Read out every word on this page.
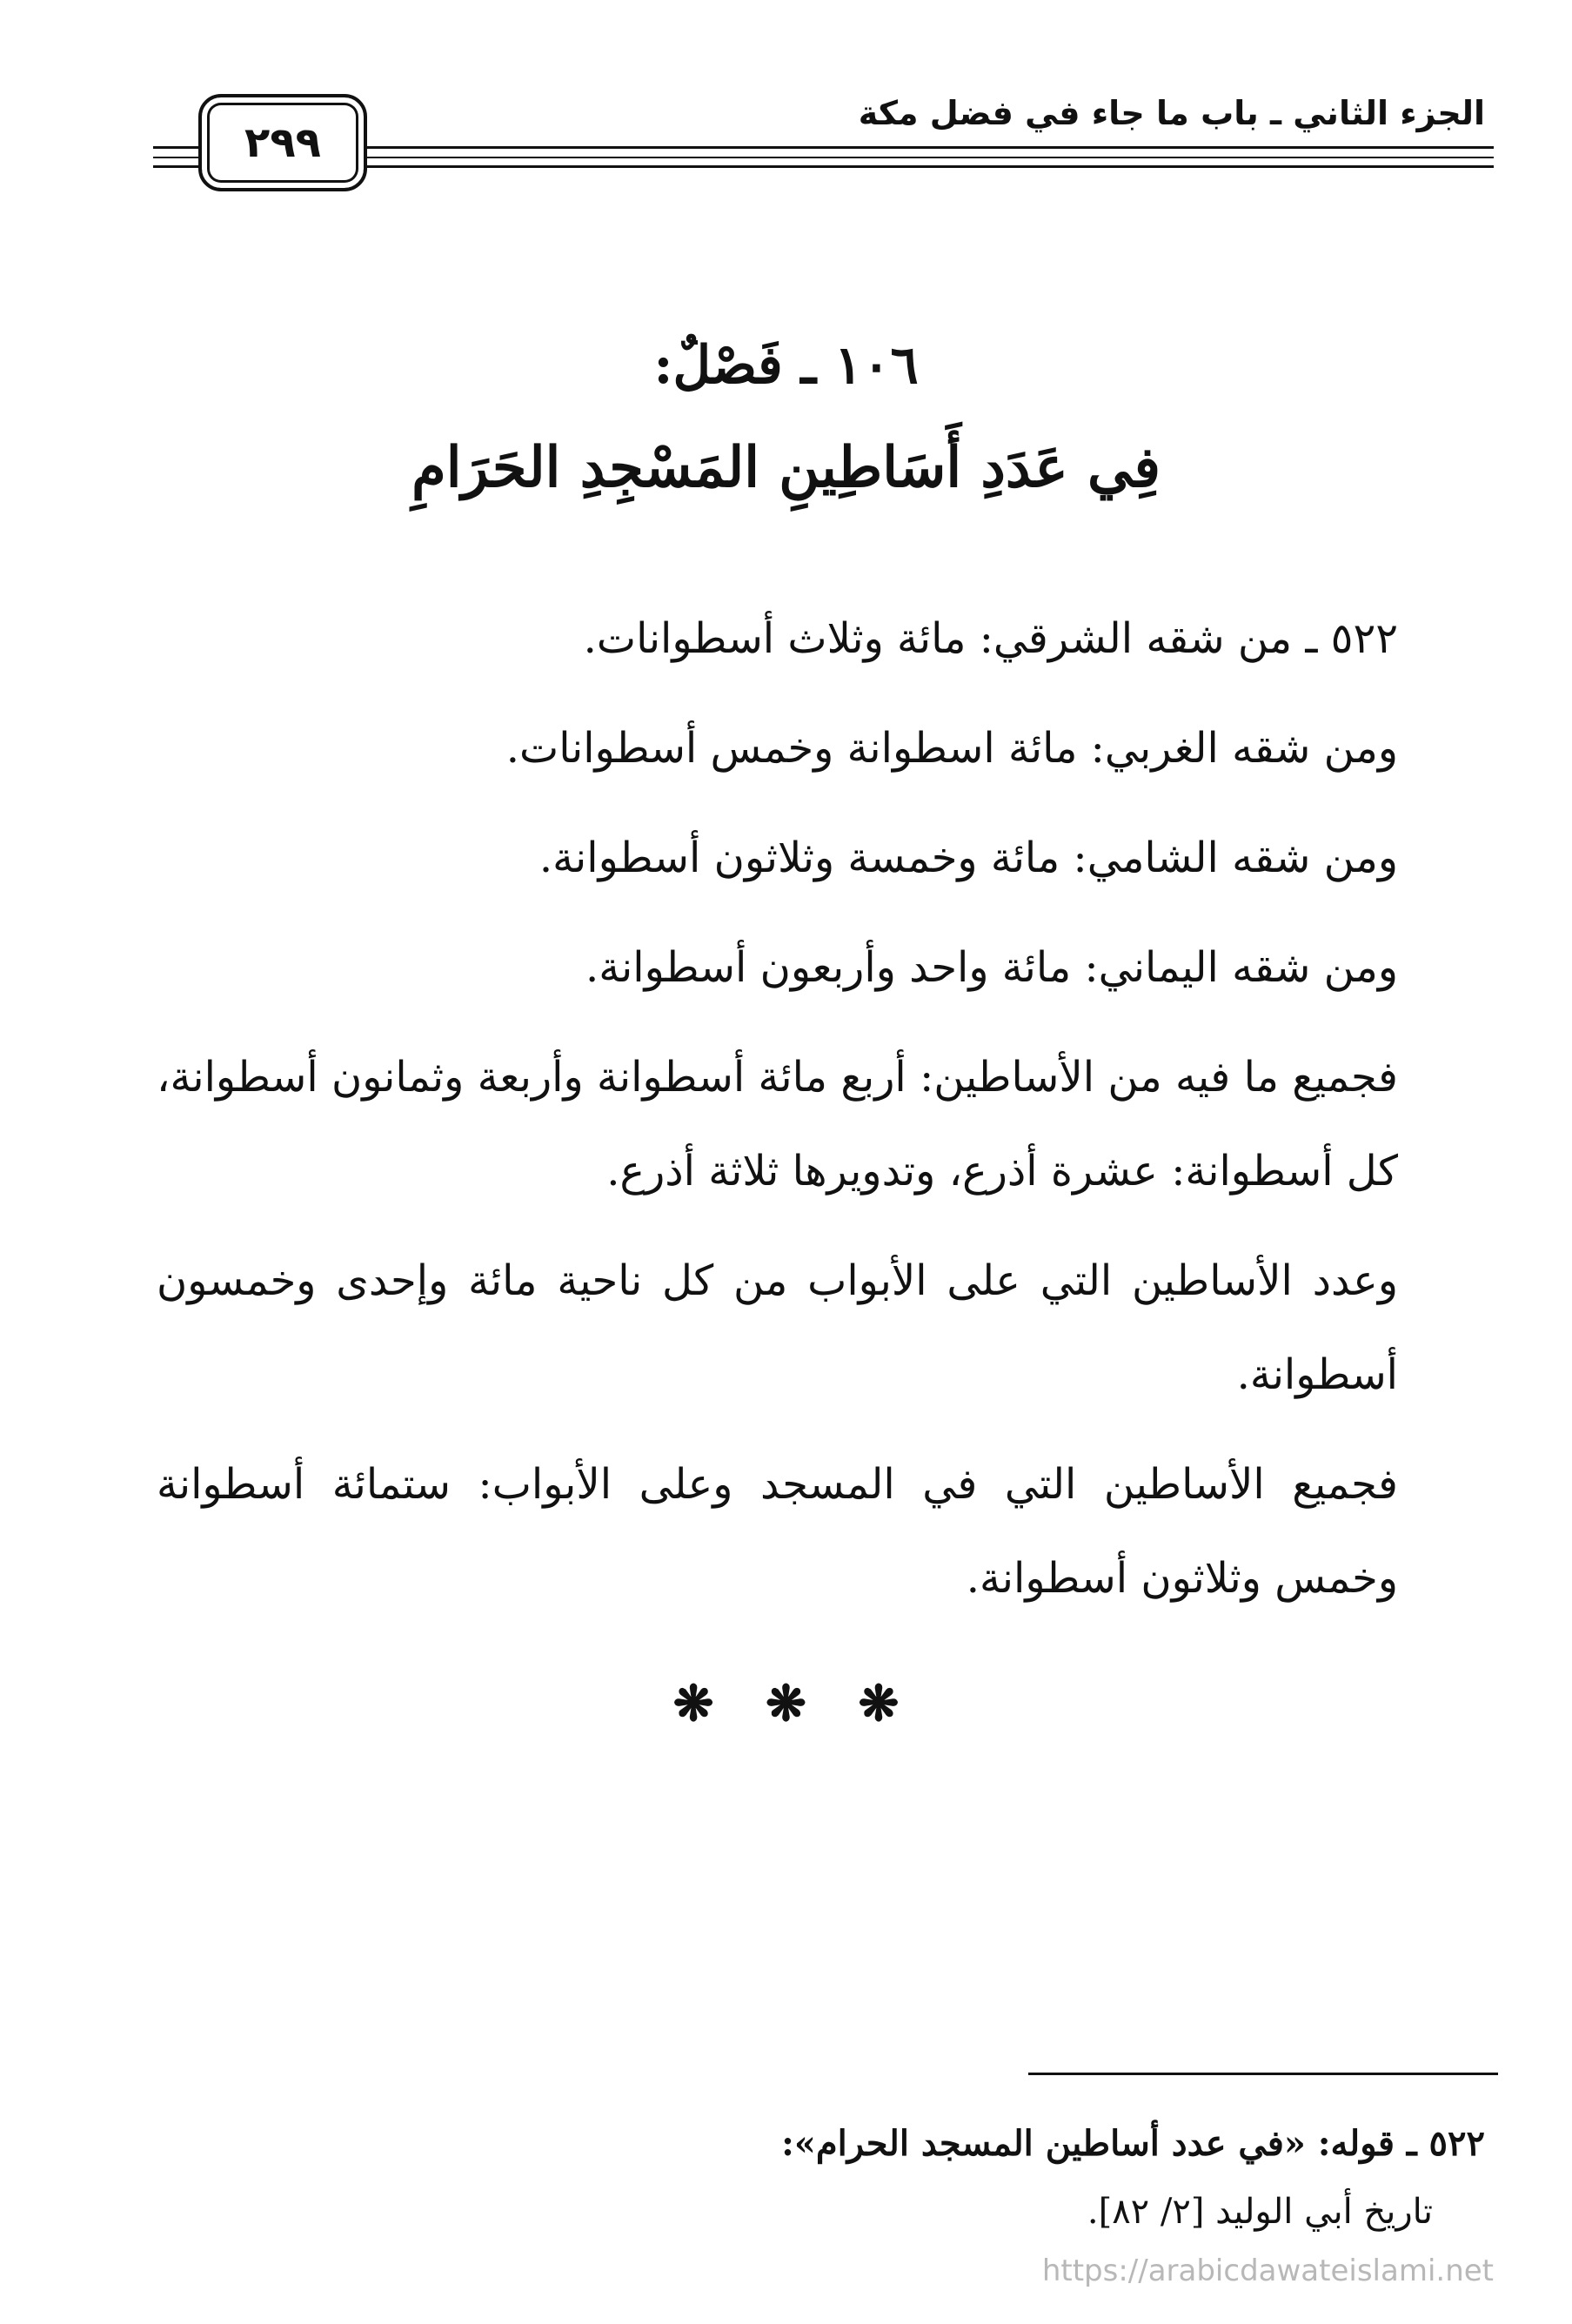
الجزء الثاني ـ باب ما جاء في فضل مكة
٢٩٩
١٠٦ ـ فَصْلٌ:
فِي عَدَدِ أَسَاطِينِ المَسْجِدِ الحَرَامِ

٥٢٢ ـ من شقه الشرقي: مائة وثلاث أسطوانات.

ومن شقه الغربي: مائة اسطوانة وخمس أسطوانات.

ومن شقه الشامي: مائة وخمسة وثلاثون أسطوانة.

ومن شقه اليماني: مائة واحد وأربعون أسطوانة.

فجميع ما فيه من الأساطين: أربع مائة أسطوانة وأربعة وثمانون أسطوانة، كل أسطوانة: عشرة أذرع، وتدويرها ثلاثة أذرع.

وعدد الأساطين التي على الأبواب من كل ناحية مائة وإحدى وخمسون أسطوانة.

فجميع الأساطين التي في المسجد وعلى الأبواب: ستمائة أسطوانة وخمس وثلاثون أسطوانة.

❋ ❋ ❋
٥٢٢ ـ قوله: «في عدد أساطين المسجد الحرام»:
تاريخ أبي الوليد [٢/ ٨٢].
https://arabicdawateislami.net
